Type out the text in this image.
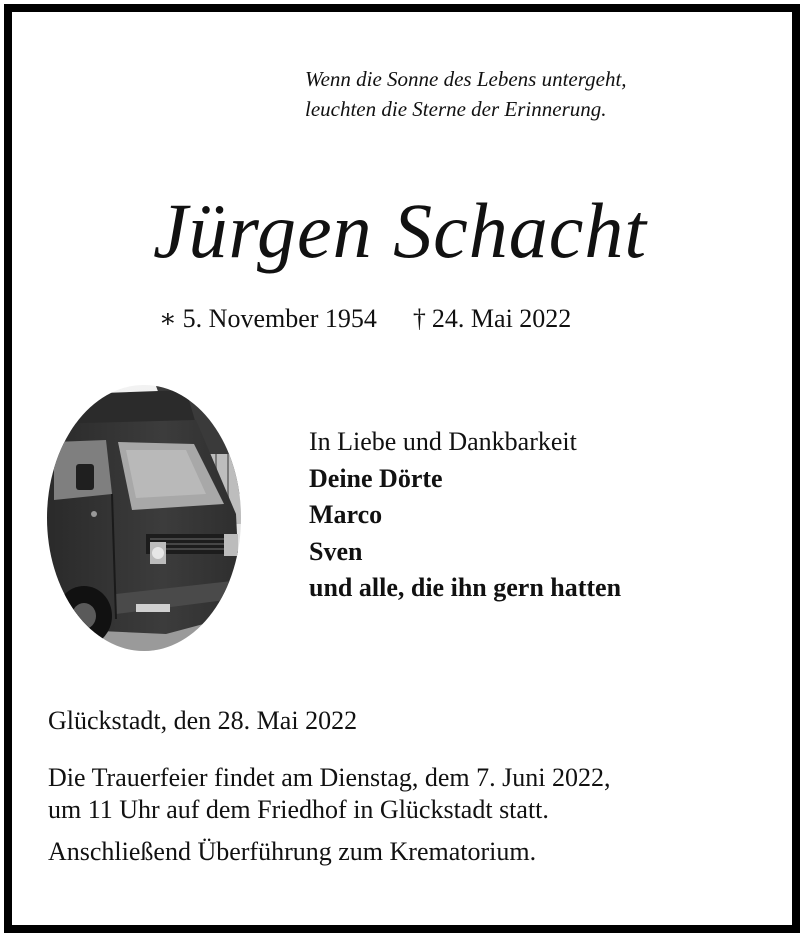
Wenn die Sonne des Lebens untergeht,
leuchten die Sterne der Erinnerung.
Jürgen Schacht
∗ 5. November 1954 † 24. Mai 2022
In Liebe und Dankbarkeit
Deine Dörte
Marco
Sven
und alle, die ihn gern hatten
Glückstadt, den 28. Mai 2022
Die Trauerfeier findet am Dienstag, dem 7. Juni 2022,
um 11 Uhr auf dem Friedhof in Glückstadt statt.
Anschließend Überführung zum Krematorium.
